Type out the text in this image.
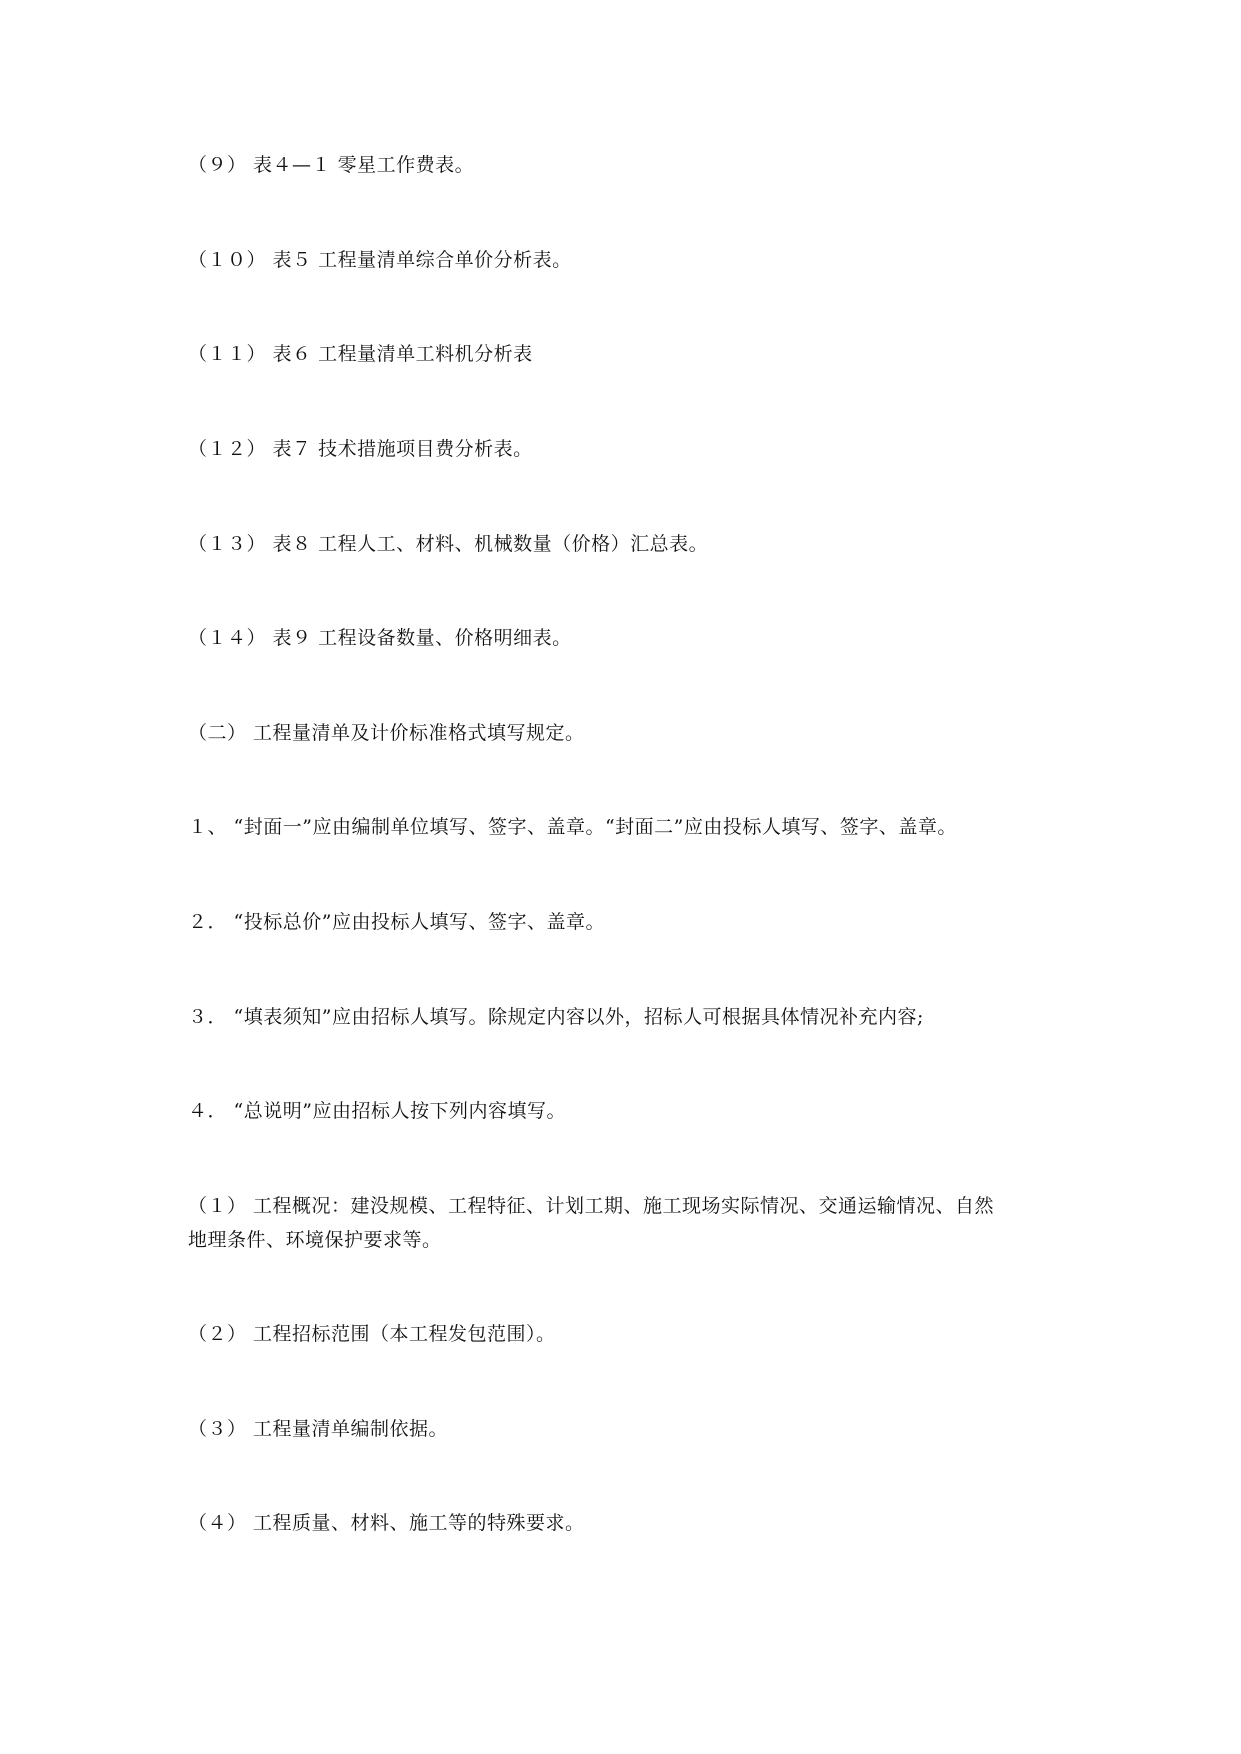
（９） 表４—１ 零星工作费表。
（１０） 表５ 工程量清单综合单价分析表。
（１１） 表６ 工程量清单工料机分析表
（１２） 表７ 技术措施项目费分析表。
（１３） 表８ 工程人工、材料、机械数量（价格）汇总表。
（１４） 表９ 工程设备数量、价格明细表。
（二） 工程量清单及计价标准格式填写规定。
１、 “封面一”应由编制单位填写、签字、盖章。“封面二”应由投标人填写、签字、盖章。
２． “投标总价”应由投标人填写、签字、盖章。
３． “填表须知”应由招标人填写。除规定内容以外，招标人可根据具体情况补充内容;
４． “总说明”应由招标人按下列内容填写。
（１） 工程概况：建没规模、工程特征、计划工期、施工现场实际情况、交通运输情况、自然
地理条件、环境保护要求等。
（２） 工程招标范围（本工程发包范围）。
（３） 工程量清单编制依据。
（４） 工程质量、材料、施工等的特殊要求。
